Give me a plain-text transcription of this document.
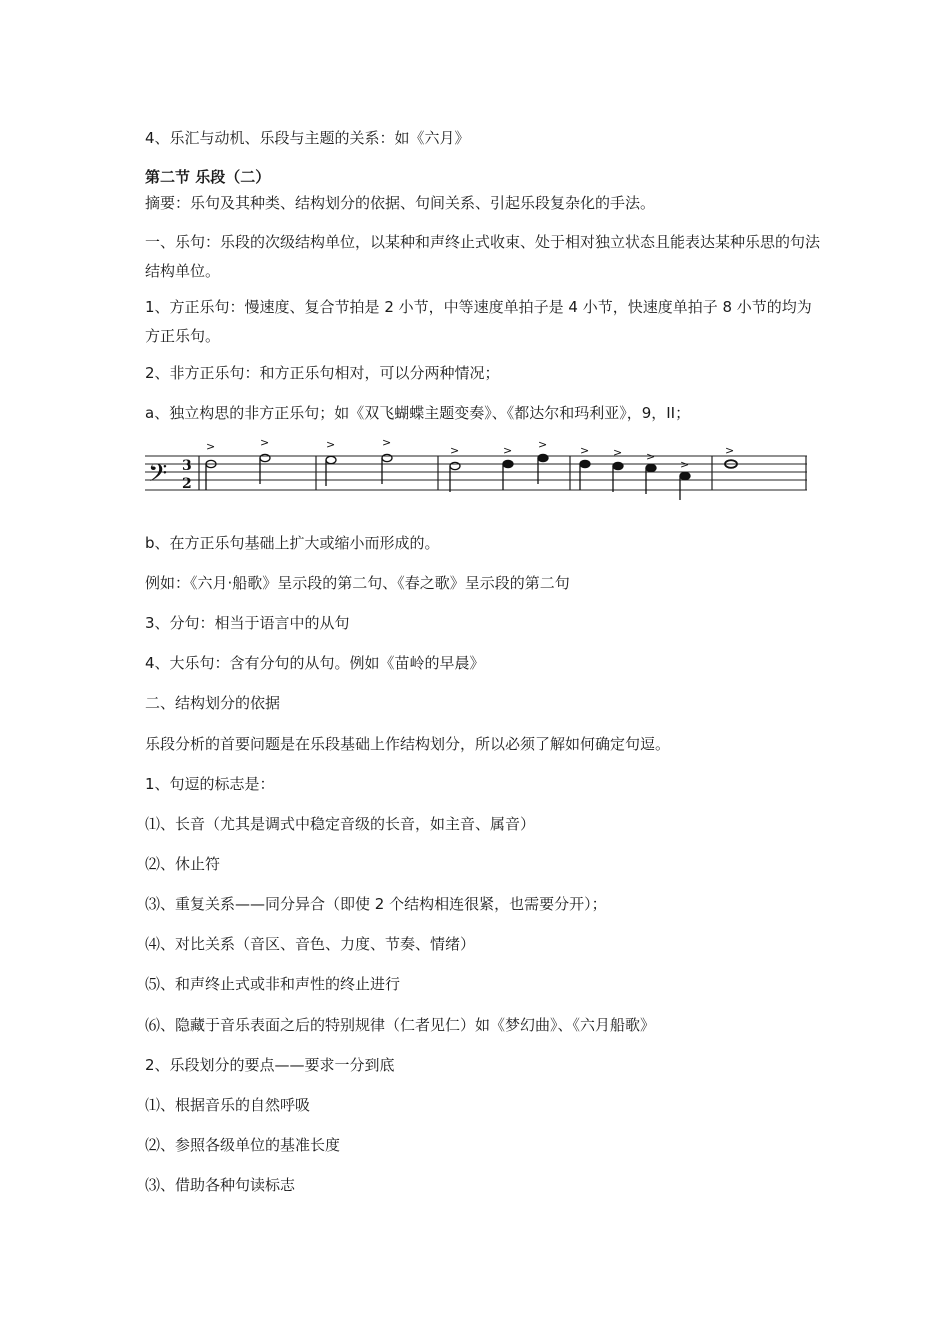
4、乐汇与动机、乐段与主题的关系：如《六月》
第二节 乐段（二）
摘要：乐句及其种类、结构划分的依据、句间关系、引起乐段复杂化的手法。
一、乐句：乐段的次级结构单位，以某种和声终止式收束、处于相对独立状态且能表达某种乐思的句法结构单位。
1、方正乐句：慢速度、复合节拍是 2 小节，中等速度单拍子是 4 小节，快速度单拍子 8 小节的均为方正乐句。
2、非方正乐句：和方正乐句相对，可以分两种情况；
a、独立构思的非方正乐句；如《双飞蝴蝶主题变奏》、《都达尔和玛利亚》，9，II；
𝄢 3
2
>	>	>	>
>	> >	> > >
>
>
b、在方正乐句基础上扩大或缩小而形成的。
例如：《六月·船歌》呈示段的第二句、《春之歌》呈示段的第二句
3、分句：相当于语言中的从句
4、大乐句：含有分句的从句。例如《苗岭的早晨》
二、结构划分的依据
乐段分析的首要问题是在乐段基础上作结构划分，所以必须了解如何确定句逗。
1、句逗的标志是：
⑴、长音（尤其是调式中稳定音级的长音，如主音、属音）
⑵、休止符
⑶、重复关系——同分异合（即使 2 个结构相连很紧，也需要分开）；
⑷、对比关系（音区、音色、力度、节奏、情绪）
⑸、和声终止式或非和声性的终止进行
⑹、隐藏于音乐表面之后的特别规律（仁者见仁）如《梦幻曲》、《六月船歌》
2、乐段划分的要点——要求一分到底
⑴、根据音乐的自然呼吸
⑵、参照各级单位的基准长度
⑶、借助各种句读标志
